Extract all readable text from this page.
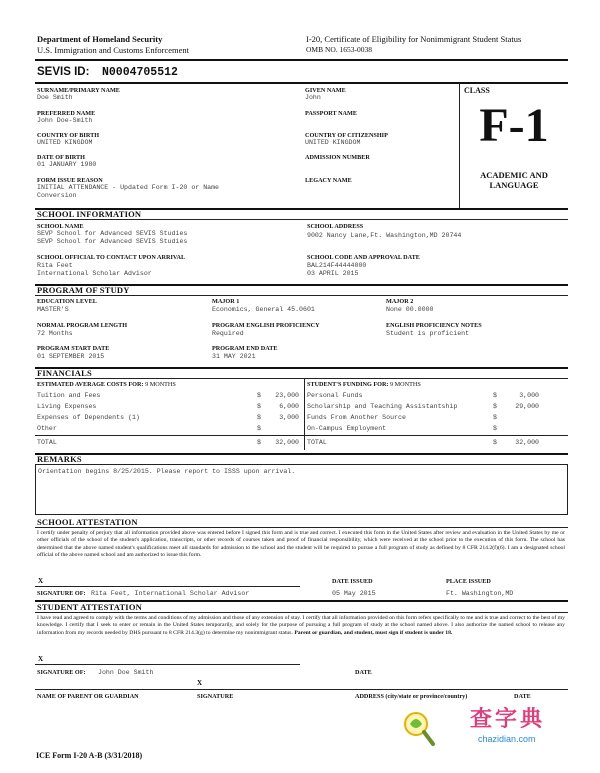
Department of Homeland Security
U.S. Immigration and Customs Enforcement
I-20, Certificate of Eligibility for Nonimmigrant Student Status
OMB NO. 1653-0038
SEVIS ID: N0004705512
SURNAME/PRIMARY NAME
Doe Smith
GIVEN NAME
John
PREFERRED NAME
John Doe-Smith
PASSPORT NAME
COUNTRY OF BIRTH
UNITED KINGDOM
COUNTRY OF CITIZENSHIP
UNITED KINGDOM
DATE OF BIRTH
01 JANUARY 1980
ADMISSION NUMBER
FORM ISSUE REASON
INITIAL ATTENDANCE - Updated Form I-20 or Name
Conversion
LEGACY NAME
CLASS
F-1
ACADEMIC AND
LANGUAGE
SCHOOL INFORMATION
SCHOOL NAME
SEVP School for Advanced SEVIS Studies
SEVP School for Advanced SEVIS Studies
SCHOOL ADDRESS
9002 Nancy Lane,Ft. Washington,MD 20744
SCHOOL OFFICIAL TO CONTACT UPON ARRIVAL
Rita Feet
International Scholar Advisor
SCHOOL CODE AND APPROVAL DATE
BAL214F44444000
03 APRIL 2015
PROGRAM OF STUDY
EDUCATION LEVEL
MASTER'S
MAJOR 1
Economics, General 45.0601
MAJOR 2
None 00.0000
NORMAL PROGRAM LENGTH
72 Months
PROGRAM ENGLISH PROFICIENCY
Required
ENGLISH PROFICIENCY NOTES
Student is proficient
PROGRAM START DATE
01 SEPTEMBER 2015
PROGRAM END DATE
31 MAY 2021
FINANCIALS
ESTIMATED AVERAGE COSTS FOR: 9 MONTHS	STUDENT'S FUNDING FOR: 9 MONTHS
Tuition and Fees	$	23,000
Living Expenses	$	6,000
Expenses of Dependents (1)	$	3,000
Other	$
Personal Funds	$	3,000
Scholarship and Teaching Assistantship	$	29,000
Funds From Another Source	$
On-Campus Employment	$
TOTAL	$	32,000 TOTAL	$	32,000
REMARKS
Orientation begins 8/25/2015. Please report to ISSS upon arrival.
SCHOOL ATTESTATION
I certify under penalty of perjury that all information provided above was entered before I signed this form and is true and correct. I executed this form in the United States after review and evaluation in the United States by me or other officials of the school of the student's application, transcripts, or other records of courses taken and proof of financial responsibility, which were received at the school prior to the execution of this form. The school has determined that the above named student's qualifications meet all standards for admission to the school and the student will be required to pursue a full program of study as defined by 8 CFR 214.2(f)(6). I am a designated school official of the above named school and am authorized to issue this form.
X	DATE ISSUED	PLACE ISSUED
SIGNATURE OF: Rita Feet, International Scholar Advisor	05 May 2015	Ft. Washington,MD
STUDENT ATTESTATION
I have read and agreed to comply with the terms and conditions of my admission and those of any extension of stay. I certify that all information provided on this form refers specifically to me and is true and correct to the best of my knowledge. I certify that I seek to enter or remain in the United States temporarily, and solely for the purpose of pursuing a full program of study at the school named above. I also authorize the named school to release any information from my records needed by DHS pursuant to 8 CFR 214.3(g) to determine my nonimmigrant status. Parent or guardian, and student, must sign if student is under 18.
X
SIGNATURE OF: John Doe Smith	DATE
X
NAME OF PARENT OR GUARDIAN	SIGNATURE	ADDRESS (city/state or province/country)	DATE
ICE Form I-20 A-B (3/31/2018)
查字典
chazidian.com
